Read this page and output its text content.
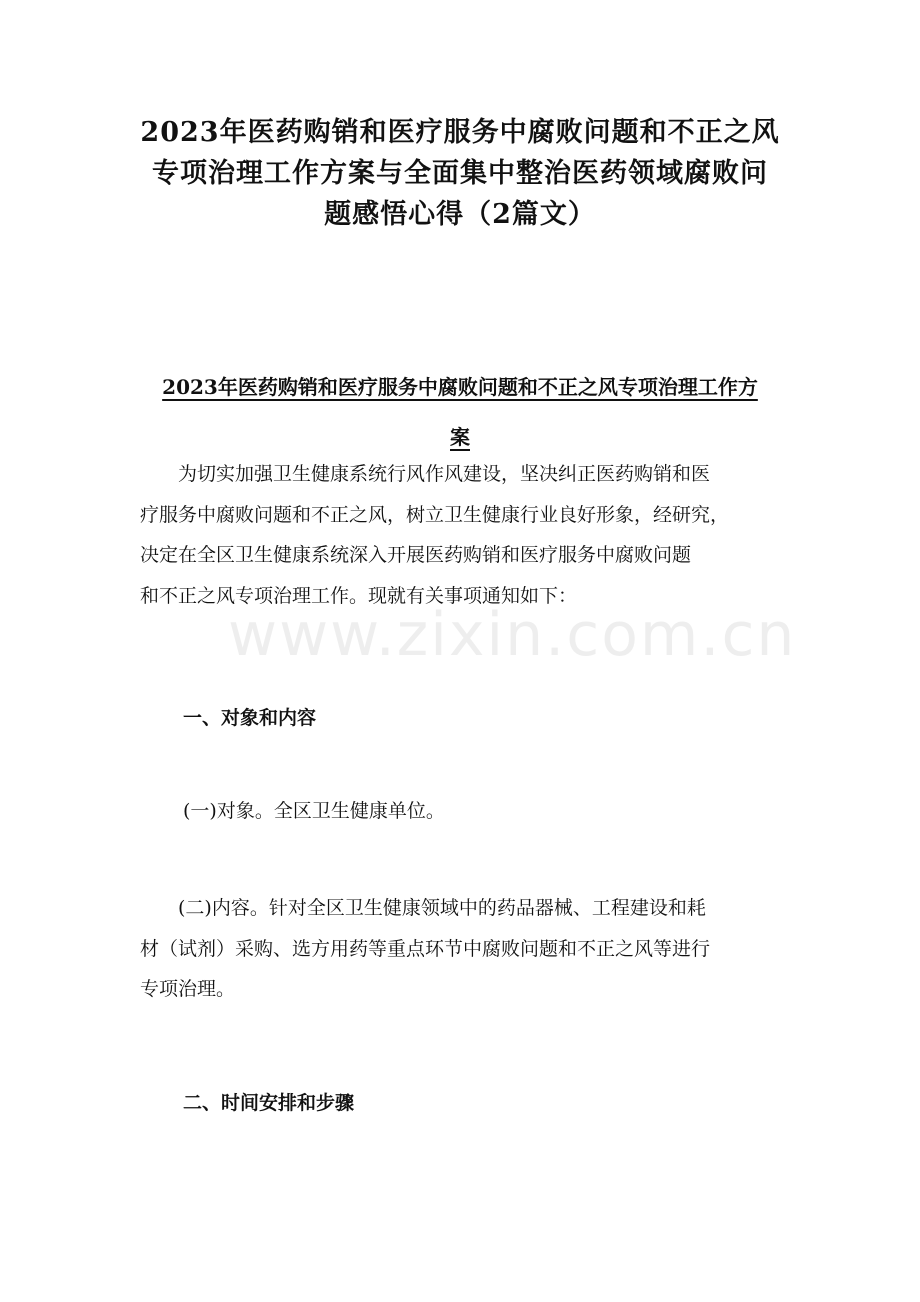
2023年医药购销和医疗服务中腐败问题和不正之风
专项治理工作方案与全面集中整治医药领域腐败问
题感悟心得（2篇文）
2023年医药购销和医疗服务中腐败问题和不正之风专项治理工作方
案
为切实加强卫生健康系统行风作风建设，坚决纠正医药购销和医
疗服务中腐败问题和不正之风，树立卫生健康行业良好形象，经研究，
决定在全区卫生健康系统深入开展医药购销和医疗服务中腐败问题
和不正之风专项治理工作。现就有关事项通知如下：
www.zixin.com.cn
一、对象和内容
(一)对象。全区卫生健康单位。
(二)内容。针对全区卫生健康领域中的药品器械、工程建设和耗
材（试剂）采购、选方用药等重点环节中腐败问题和不正之风等进行
专项治理。
二、时间安排和步骤
